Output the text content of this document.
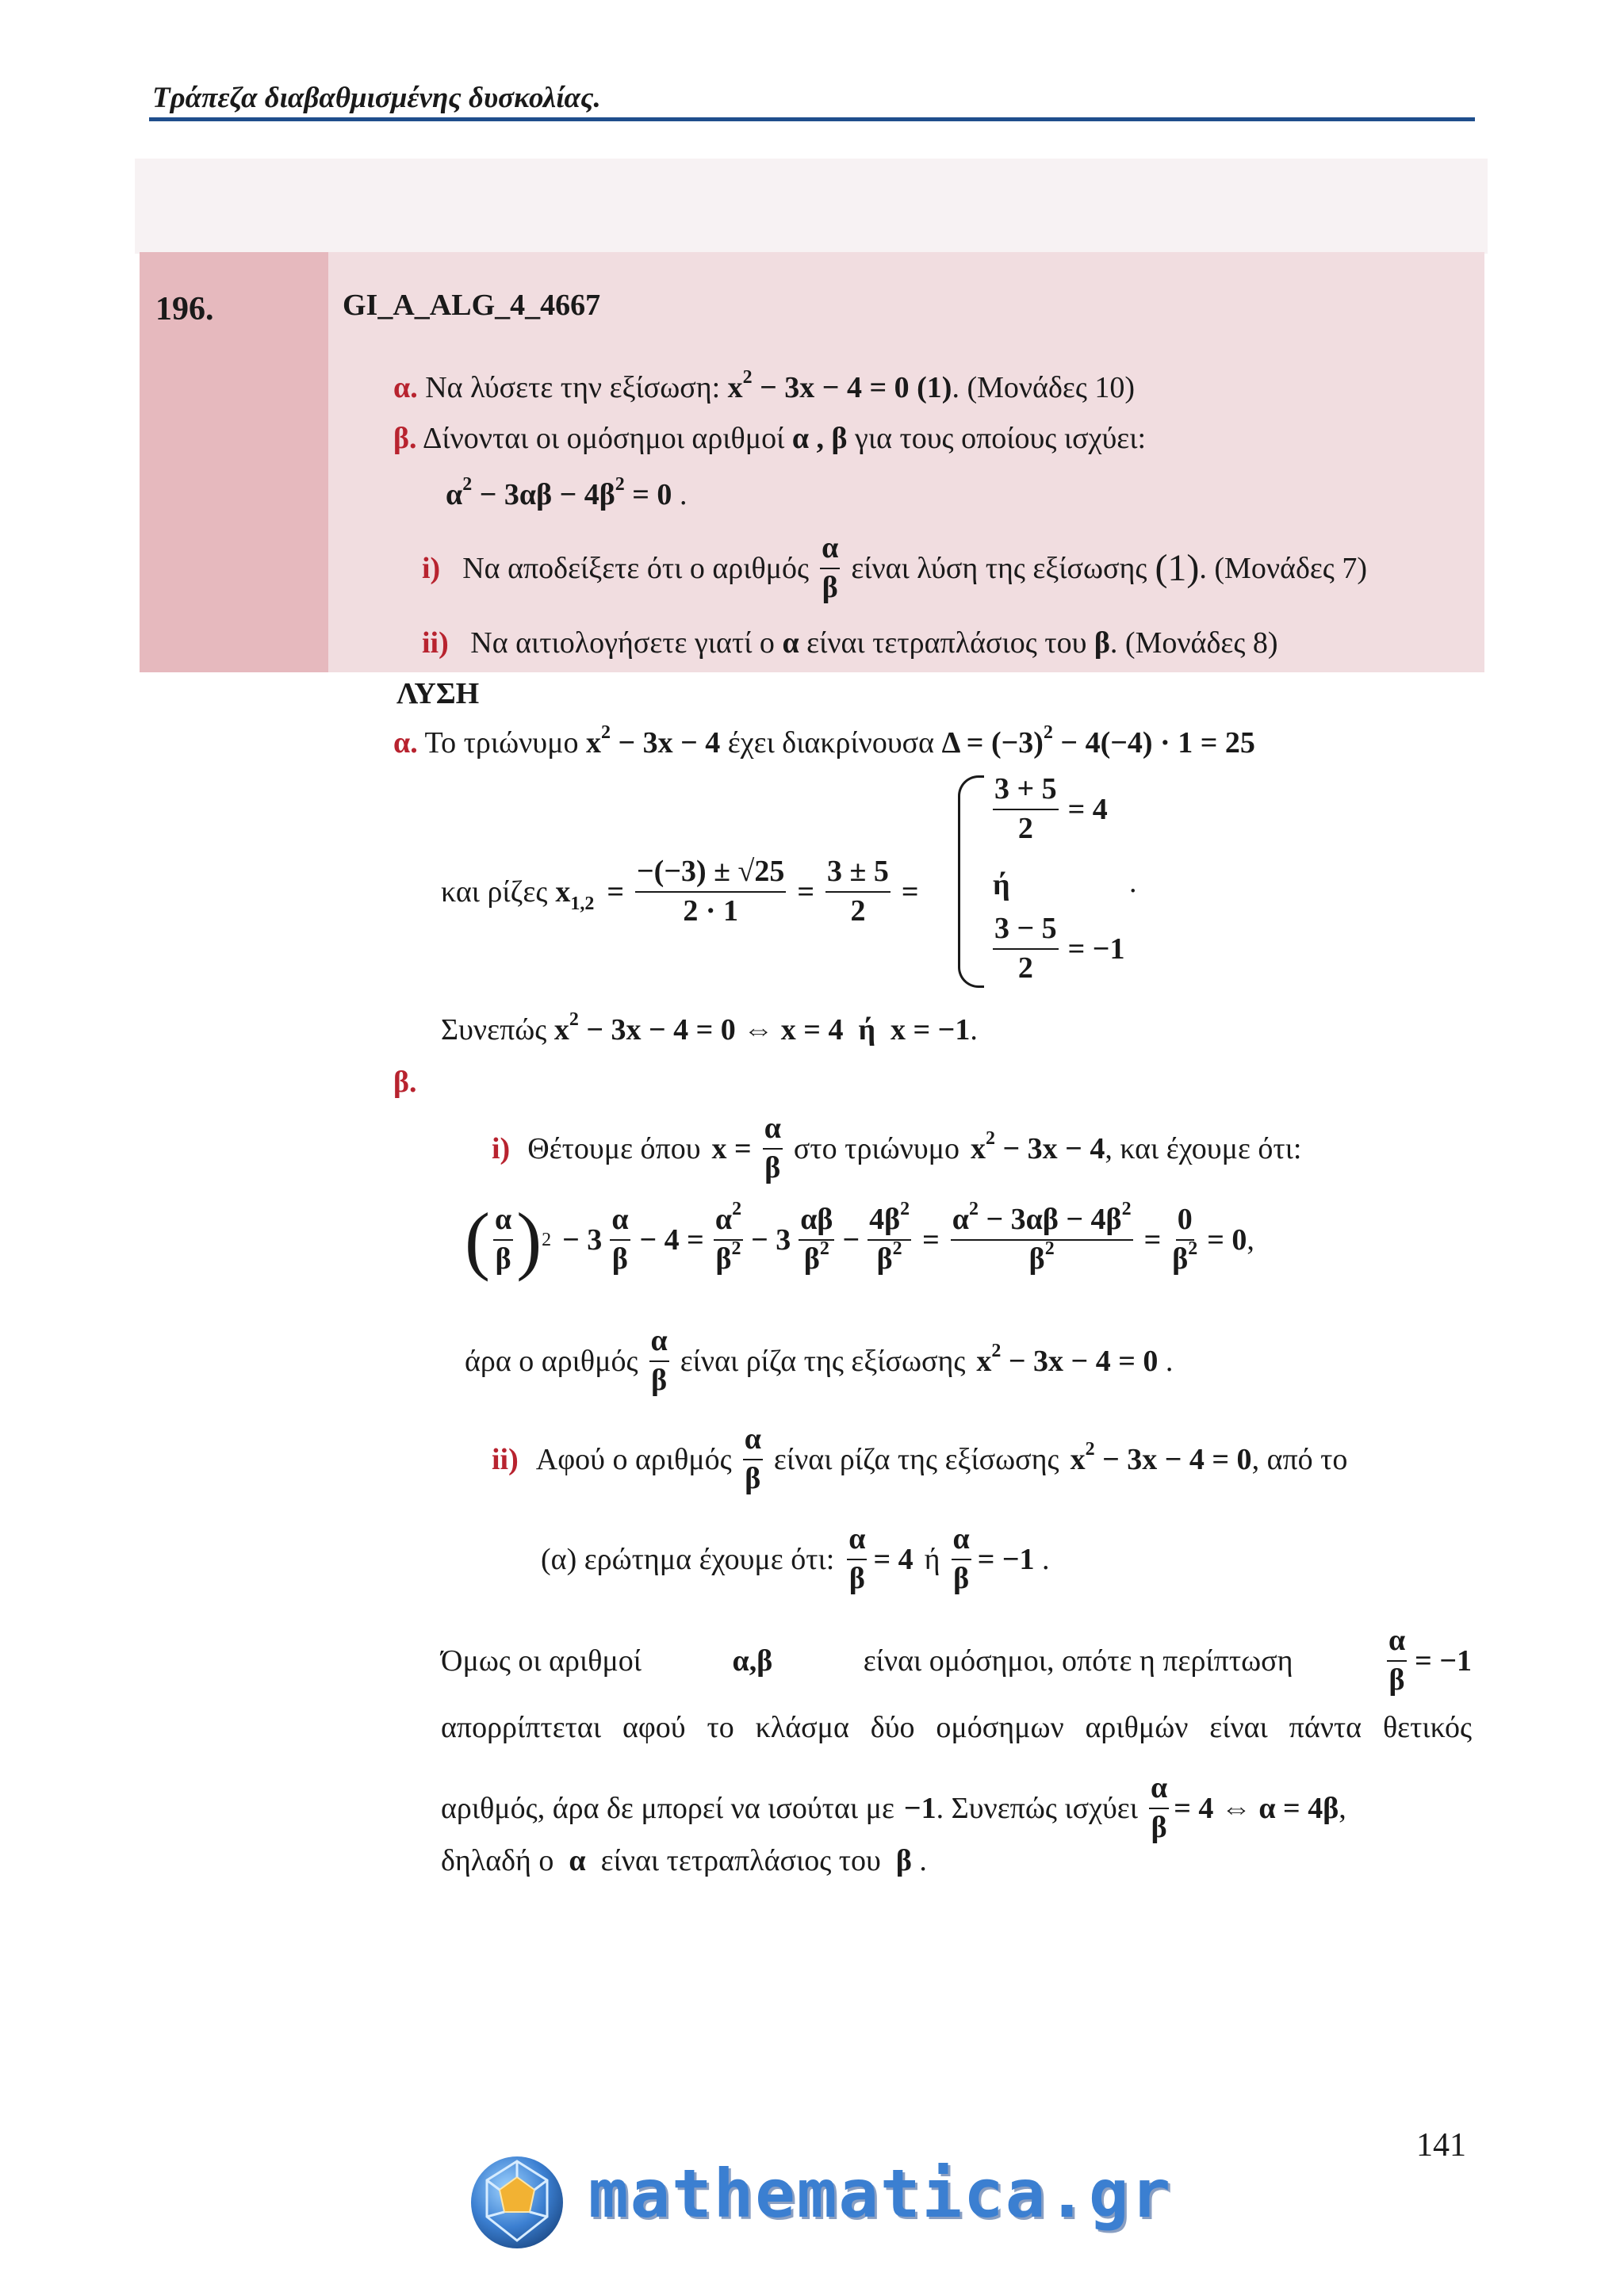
Τράπεζα διαβαθμισμένης δυσκολίας.
196.	GI_A_ALG_4_4667
α. Να λύσετε την εξίσωση: $x^2 - 3x - 4 = 0$ (1). (Μονάδες 10)
β. Δίνονται οι ομόσημοι αριθμοί α , β για τους οποίους ισχύει:
$\alpha^2 - 3\alpha\beta - 4\beta^2 = 0$ .
i) Να αποδείξετε ότι ο αριθμός $\frac{\alpha}{\beta}$ είναι λύση της εξίσωσης (1) . (Μονάδες 7)
ii) Να αιτιολογήσετε γιατί ο α είναι τετραπλάσιος του β. (Μονάδες 8)
ΛΥΣΗ
α. Το τριώνυμο $x^2 - 3x - 4$ έχει διακρίνουσα $\Delta = (-3)^2 - 4(-4) \cdot 1 = 25$
και ρίζες $x_{1,2} = \frac{-(-3) \pm √25}{2 \cdot 1} = \frac{3 \pm 5}{2}$ =
$\frac{3 + 5}{2} = 4$
ή
$\frac{3 - 5}{2} = -1$
.
Συνεπώς $x^2 - 3x - 4 = 0$ ⇔ x = 4  ή  x = −1.
β.
i) Θέτουμε όπου $x = \frac{\alpha}{\beta}$ στο τριώνυμο $x^2 - 3x - 4$ , και έχουμε ότι:
( $\frac{\alpha}{\beta}$ ) $2 - 3 \frac{\alpha}{\beta} - 4 = \frac{\alpha^2}{\beta^2} - 3 \frac{\alpha\beta}{\beta^2} - \frac{4\beta^2}{\beta^2} = \frac{\alpha^2 - 3\alpha\beta - 4\beta^2}{\beta^2} = \frac{0}{\beta^2} = 0$ ,
άρα ο αριθμός $\frac{\alpha}{\beta}$ είναι ρίζα της εξίσωσης $x^2 - 3x - 4 = 0$ .
ii) Αφού ο αριθμός $\frac{\alpha}{\beta}$ είναι ρίζα της εξίσωσης $x^2 - 3x - 4 = 0$ , από το
(α) ερώτημα έχουμε ότι: $\frac{\alpha}{\beta} = 4$ ή $\frac{\alpha}{\beta} = -1$ .
Όμως οι αριθμοί	α,β	είναι ομόσημοι, οπότε η περίπτωση	$\frac{\alpha}{\beta} = -1$
απορρίπτεται αφού το κλάσμα δύο ομόσημων αριθμών είναι πάντα θετικός
αριθμός, άρα δε μπορεί να ισούται με −1 . Συνεπώς ισχύει $\frac{\alpha}{\beta} = 4$ ⇔ α = 4β ,
δηλαδή ο  α  είναι τετραπλάσιος του  β .
141
mathematica.gr
